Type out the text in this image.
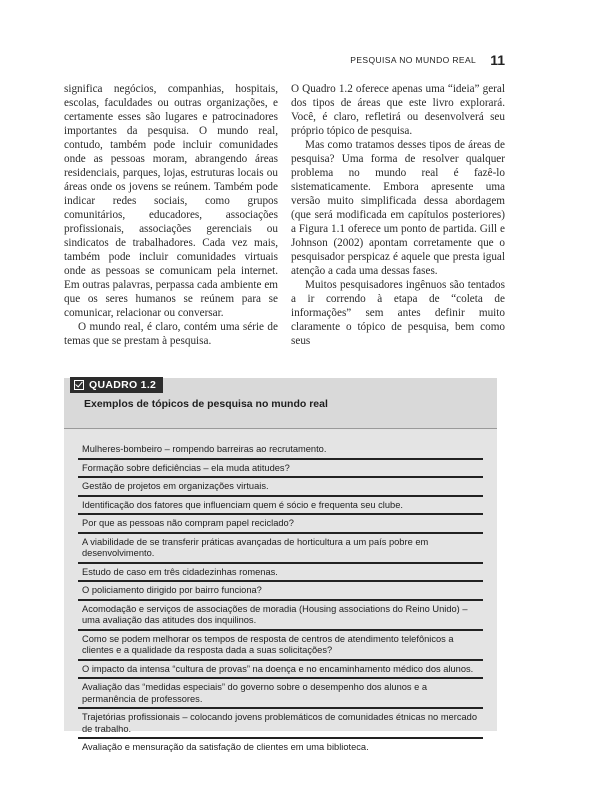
PESQUISA NO MUNDO REAL 11

significa negócios, companhias, hospitais, escolas, faculdades ou outras organizações, e certamente esses são lugares e patrocinadores importantes da pesquisa. O mundo real, contudo, também pode incluir comunidades onde as pessoas moram, abrangendo áreas residenciais, parques, lojas, estruturas locais ou áreas onde os jovens se reúnem. Também pode indicar redes sociais, como grupos comunitários, educadores, associações profissionais, associações gerenciais ou sindicatos de trabalhadores. Cada vez mais, também pode incluir comunidades virtuais onde as pessoas se comunicam pela internet. Em outras palavras, perpassa cada ambiente em que os seres humanos se reúnem para se comunicar, relacionar ou conversar.

O mundo real, é claro, contém uma série de temas que se prestam à pesquisa.

O Quadro 1.2 oferece apenas uma “ideia” geral dos tipos de áreas que este livro explorará. Você, é claro, refletirá ou desenvolverá seu próprio tópico de pesquisa.

Mas como tratamos desses tipos de áreas de pesquisa? Uma forma de resolver qualquer problema no mundo real é fazê-lo sistematicamente. Embora apresente uma versão muito simplificada dessa abordagem (que será modificada em capítulos posteriores) a Figura 1.1 oferece um ponto de partida. Gill e Johnson (2002) apontam corretamente que o pesquisador perspicaz é aquele que presta igual atenção a cada uma dessas fases.

Muitos pesquisadores ingênuos são tentados a ir correndo à etapa de “coleta de informações” sem antes definir muito claramente o tópico de pesquisa, bem como seus

QUADRO 1.2
Exemplos de tópicos de pesquisa no mundo real
Mulheres-bombeiro – rompendo barreiras ao recrutamento.
Formação sobre deficiências – ela muda atitudes?
Gestão de projetos em organizações virtuais.
Identificação dos fatores que influenciam quem é sócio e frequenta seu clube.
Por que as pessoas não compram papel reciclado?
A viabilidade de se transferir práticas avançadas de horticultura a um país pobre em desenvolvimento.
Estudo de caso em três cidadezinhas romenas.
O policiamento dirigido por bairro funciona?
Acomodação e serviços de associações de moradia (Housing associations do Reino Unido) – uma avaliação das atitudes dos inquilinos.
Como se podem melhorar os tempos de resposta de centros de atendimento telefônicos a clientes e a qualidade da resposta dada a suas solicitações?
O impacto da intensa “cultura de provas” na doença e no encaminhamento médico dos alunos.
Avaliação das “medidas especiais” do governo sobre o desempenho dos alunos e a permanência de professores.
Trajetórias profissionais – colocando jovens problemáticos de comunidades étnicas no mercado de trabalho.
Avaliação e mensuração da satisfação de clientes em uma biblioteca.
